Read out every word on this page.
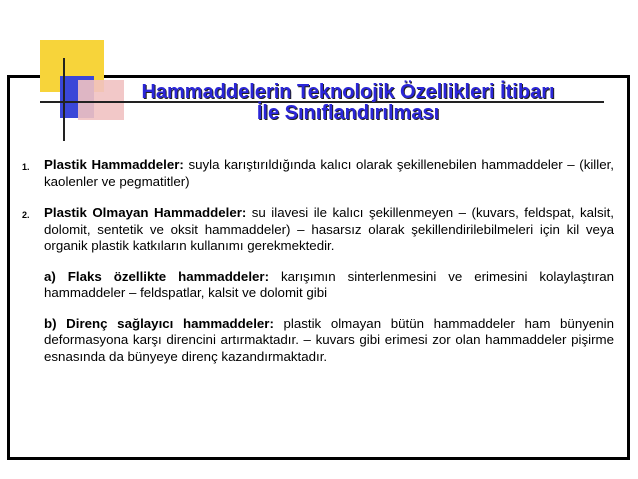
Hammaddelerin Teknolojik Özellikleri İtibarı
İle Sınıflandırılması
1.	Plastik Hammaddeler: suyla karıştırıldığında kalıcı olarak şekillenebilen hammaddeler – (killer, kaolenler ve pegmatitler)
2.	Plastik Olmayan Hammaddeler: su ilavesi ile kalıcı şekillenmeyen – (kuvars, feldspat, kalsit, dolomit, sentetik ve oksit hammaddeler) – hasarsız olarak şekillendirilebilmeleri için kil veya organik plastik katkıların kullanımı gerekmektedir.
a) Flaks özellikte hammaddeler: karışımın sinterlenmesini ve erimesini kolaylaştıran hammaddeler – feldspatlar, kalsit ve dolomit gibi
b) Direnç sağlayıcı hammaddeler: plastik olmayan bütün hammaddeler ham bünyenin deformasyona karşı direncini artırmaktadır. – kuvars gibi erimesi zor olan hammaddeler pişirme esnasında da bünyeye direnç kazandırmaktadır.
